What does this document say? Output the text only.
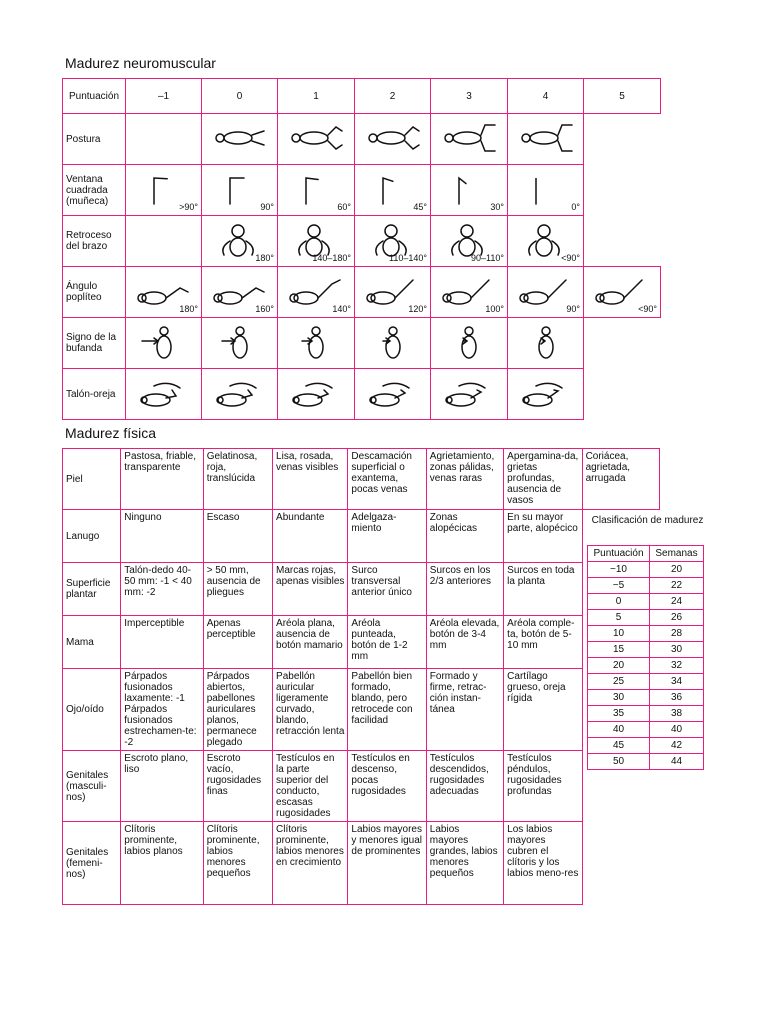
Madurez neuromuscular
Puntuación	–1	0	1	2	3	4	5
Postura		

Ventana cuadrada (muñeca)	>90°	90°	60°	45°	30°	0°	

Retroceso del brazo		180°	140–180°	110–140°	90–110°	<90°	

Ángulo poplíteo	180°	160°	140°	120°	100°	90°	<90°

Signo de la bufanda	

Talón-oreja	

Madurez física
Piel	Pastosa, friable, transparente	Gelatinosa, roja, translúcida	Lisa, rosada, venas visibles	Descamación superficial o exantema, pocas venas	Agrietamiento, zonas pálidas, venas raras	Apergamina-da, grietas profundas, ausencia de vasos	Coriácea, agrietada, arrugada
Lanugo	Ninguno	Escaso	Abundante	Adelgaza-miento	Zonas alopécicas	En su mayor parte, alopécico	
Superficie plantar	Talón-dedo 40-50 mm: -1 < 40 mm: -2	> 50 mm, ausencia de pliegues	Marcas rojas, apenas visibles	Surco transversal anterior único	Surcos en los 2/3 anteriores	Surcos en toda la planta	
Mama	Imperceptible	Apenas perceptible	Aréola plana, ausencia de botón mamario	Aréola punteada, botón de 1-2 mm	Aréola elevada, botón de 3-4 mm	Aréola comple-ta, botón de 5-10 mm	
Ojo/oído	Párpados fusionados laxamente: -1 Párpados fusionados estrechamen-te: -2	Párpados abiertos, pabellones auriculares planos, permanece plegado	Pabellón auricular ligeramente curvado, blando, retracción lenta	Pabellón bien formado, blando, pero retrocede con facilidad	Formado y firme, retrac-ción instan-tánea	Cartílago grueso, oreja rígida	
Genitales (masculi-nos)	Escroto plano, liso	Escroto vacío, rugosidades finas	Testículos en la parte superior del conducto, escasas rugosidades	Testículos en descenso, pocas rugosidades	Testículos descendidos, rugosidades adecuadas	Testículos péndulos, rugosidades profundas	
Genitales (femeni-nos)	Clítoris prominente, labios planos	Clítoris prominente, labios menores pequeños	Clítoris prominente, labios menores en crecimiento	Labios mayores y menores igual de prominentes	Labios mayores grandes, labios menores pequeños	Los labios mayores cubren el clítoris y los labios meno-res	
Clasificación de madurez
Puntuación	Semanas
−10	20
−5	22
0	24
5	26
10	28
15	30
20	32
25	34
30	36
35	38
40	40
45	42
50	44
